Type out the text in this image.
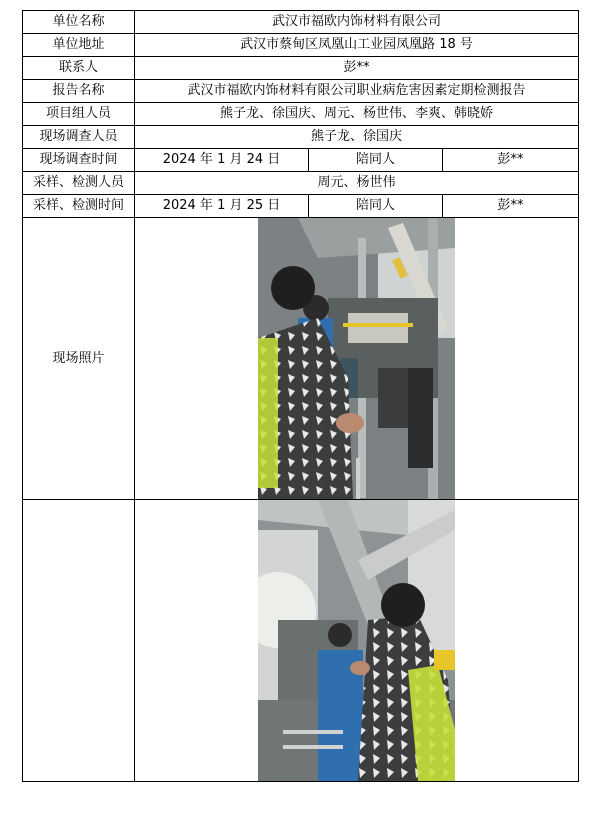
单位名称	武汉市福欧内饰材料有限公司		
单位地址	武汉市蔡甸区凤凰山工业园凤凰路 18 号		
联系人	彭**		
报告名称	武汉市福欧内饰材料有限公司职业病危害因素定期检测报告		
项目组人员	熊子龙、徐国庆、周元、杨世伟、李爽、韩晓娇		
现场调查人员	熊子龙、徐国庆		
现场调查时间	2024 年 1 月 24 日	陪同人	彭**
采样、检测人员	周元、杨世伟		
采样、检测时间	2024 年 1 月 25 日	陪同人	彭**
现场照片	
